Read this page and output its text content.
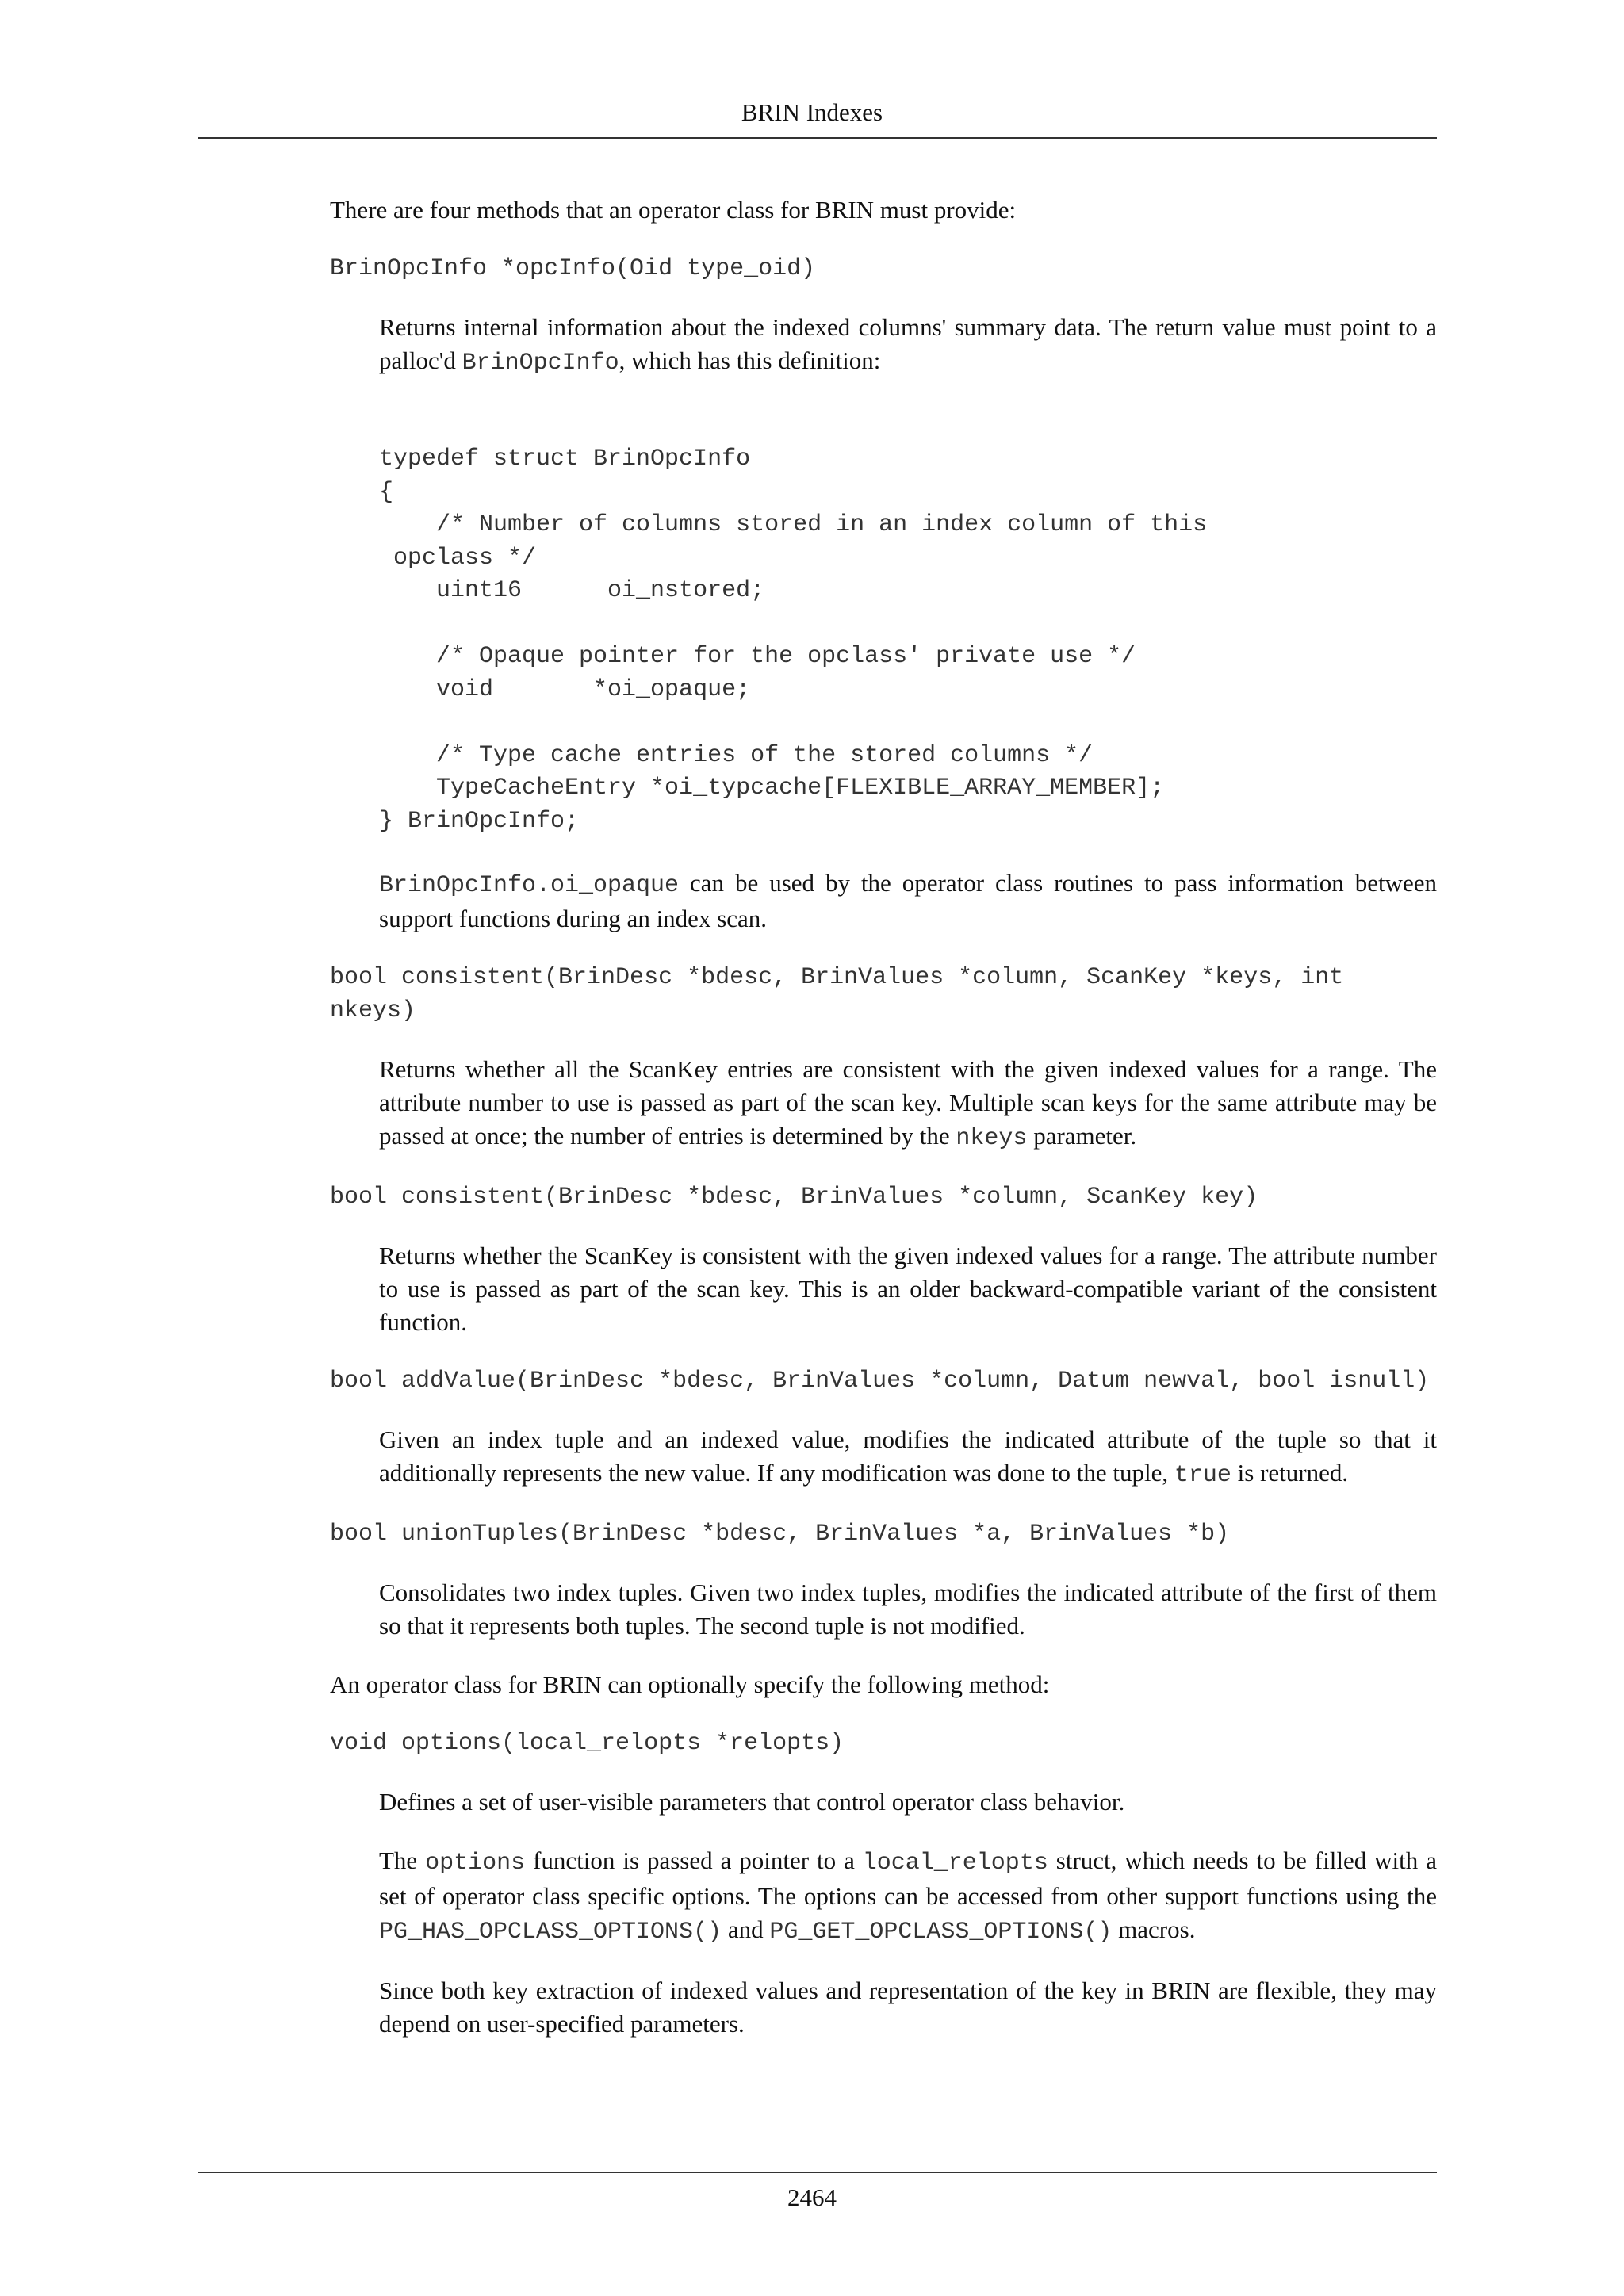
BRIN Indexes

There are four methods that an operator class for BRIN must provide:

BrinOpcInfo *opcInfo(Oid type_oid)

Returns internal information about the indexed columns' summary data. The return value must point to a palloc'd BrinOpcInfo, which has this definition:

typedef struct BrinOpcInfo
{
/* Number of columns stored in an index column of this
opclass */
uint16      oi_nstored;

/* Opaque pointer for the opclass' private use */
void       *oi_opaque;

/* Type cache entries of the stored columns */
TypeCacheEntry *oi_typcache[FLEXIBLE_ARRAY_MEMBER];
} BrinOpcInfo;

BrinOpcInfo.oi_opaque can be used by the operator class routines to pass information between support functions during an index scan.

bool consistent(BrinDesc *bdesc, BrinValues *column, ScanKey *keys, int nkeys)

Returns whether all the ScanKey entries are consistent with the given indexed values for a range. The attribute number to use is passed as part of the scan key. Multiple scan keys for the same attribute may be passed at once; the number of entries is determined by the nkeys parameter.

bool consistent(BrinDesc *bdesc, BrinValues *column, ScanKey key)

Returns whether the ScanKey is consistent with the given indexed values for a range. The attribute number to use is passed as part of the scan key. This is an older backward-compatible variant of the consistent function.

bool addValue(BrinDesc *bdesc, BrinValues *column, Datum newval, bool isnull)

Given an index tuple and an indexed value, modifies the indicated attribute of the tuple so that it additionally represents the new value. If any modification was done to the tuple, true is returned.

bool unionTuples(BrinDesc *bdesc, BrinValues *a, BrinValues *b)

Consolidates two index tuples. Given two index tuples, modifies the indicated attribute of the first of them so that it represents both tuples. The second tuple is not modified.

An operator class for BRIN can optionally specify the following method:

void options(local_relopts *relopts)

Defines a set of user-visible parameters that control operator class behavior.

The options function is passed a pointer to a local_relopts struct, which needs to be filled with a set of operator class specific options. The options can be accessed from other support functions using the PG_HAS_OPCLASS_OPTIONS() and PG_GET_OPCLASS_OPTIONS() macros.

Since both key extraction of indexed values and representation of the key in BRIN are flexible, they may depend on user-specified parameters.

2464
